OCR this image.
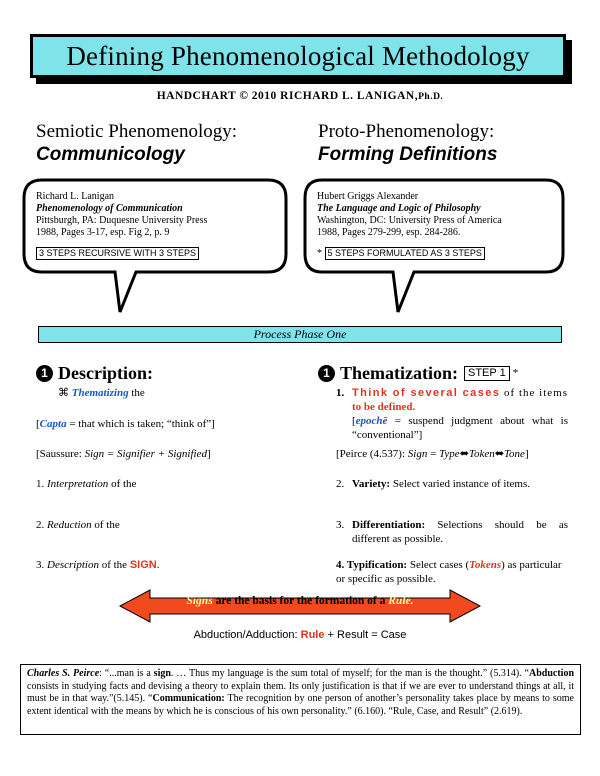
Defining Phenomenological Methodology
HANDCHART © 2010 RICHARD L. LANIGAN,Ph.D.
Semiotic Phenomenology:
Communicology
Proto-Phenomenology:
Forming Definitions
Richard L. Lanigan
Phenomenology of Communication
Pittsburgh, PA: Duquesne University Press
1988, Pages 3-17, esp. Fig 2, p. 9
3 STEPS RECURSIVE WITH 3 STEPS
Hubert Griggs Alexander
The Language and Logic of Philosophy
Washington, DC: University Press of America
1988, Pages 279-299, esp. 284-286.
* 5 STEPS FORMULATED AS 3 STEPS
Process Phase One
1 Description:
⌘ Thematizing the
[Capta = that which is taken; “think of”]
[Saussure: Sign = Signifier + Signified]
1. Interpretation of the
2. Reduction of the
3. Description of the SIGN.
1 Thematization: STEP 1 *
1. Think of several cases of the items to be defined.
[epochē = suspend judgment about what is “conventional”]
[Peirce (4.537): Sign = Type⬌Token⬌Tone]
2. Variety: Select varied instance of items.
3. Differentiation: Selections should be as different as possible.
4. Typification: Select cases (Tokens) as particular or specific as possible.
Signs are the basis for the formation of a Rule.
Abduction/Adduction: Rule + Result = Case
Charles S. Peirce: “...man is a sign. … Thus my language is the sum total of myself; for the man is the thought.” (5.314). “Abduction consists in studying facts and devising a theory to explain them. Its only justification is that if we are ever to understand things at all, it must be in that way.”(5.145). “Communication: The recognition by one person of another’s personality takes place by means to some extent identical with the means by which he is conscious of his own personality.” (6.160). “Rule, Case, and Result” (2.619).
